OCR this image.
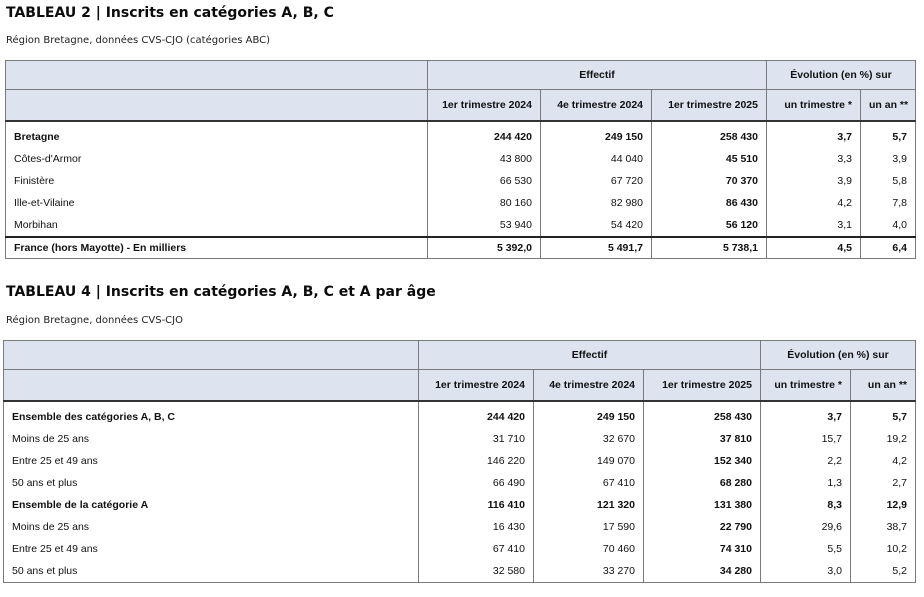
TABLEAU 2 | Inscrits en catégories A, B, C
Région Bretagne, données CVS-CJO (catégories ABC)
	Effectif			Évolution (en %) sur	
	1er trimestre 2024	4e trimestre 2024	1er trimestre 2025	un trimestre *	un an **
Bretagne	244 420	249 150	258 430	3,7	5,7
Côtes-d'Armor	43 800	44 040	45 510	3,3	3,9
Finistère	66 530	67 720	70 370	3,9	5,8
Ille-et-Vilaine	80 160	82 980	86 430	4,2	7,8
Morbihan	53 940	54 420	56 120	3,1	4,0
France (hors Mayotte) - En milliers	5 392,0	5 491,7	5 738,1	4,5	6,4
TABLEAU 4 | Inscrits en catégories A, B, C et A par âge
Région Bretagne, données CVS-CJO
	Effectif			Évolution (en %) sur	
	1er trimestre 2024	4e trimestre 2024	1er trimestre 2025	un trimestre *	un an **
Ensemble des catégories A, B, C	244 420	249 150	258 430	3,7	5,7
Moins de 25 ans	31 710	32 670	37 810	15,7	19,2
Entre 25 et 49 ans	146 220	149 070	152 340	2,2	4,2
50 ans et plus	66 490	67 410	68 280	1,3	2,7
Ensemble de la catégorie A	116 410	121 320	131 380	8,3	12,9
Moins de 25 ans	16 430	17 590	22 790	29,6	38,7
Entre 25 et 49 ans	67 410	70 460	74 310	5,5	10,2
50 ans et plus	32 580	33 270	34 280	3,0	5,2
